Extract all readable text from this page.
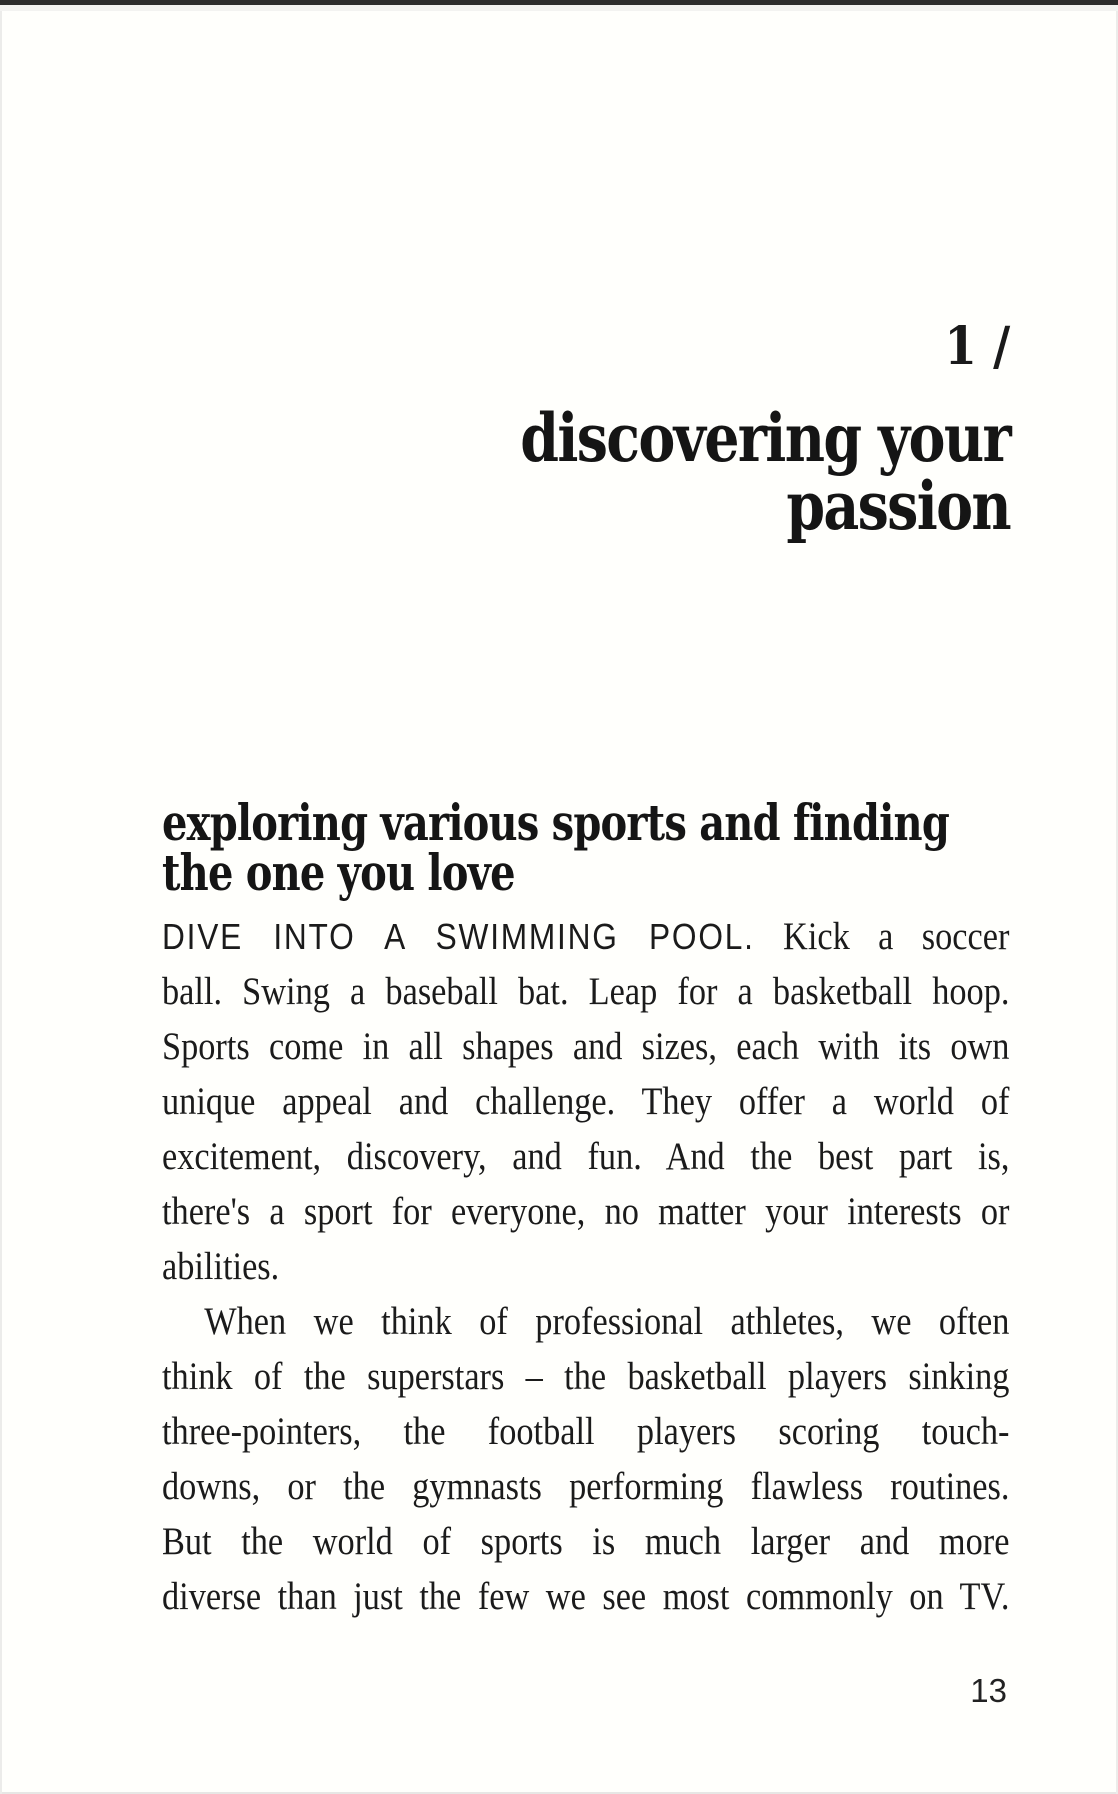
1 /
discovering your
passion
exploring various sports and finding
the one you love
DIVE INTO A SWIMMING POOL. Kick a soccer
ball. Swing a baseball bat. Leap for a basketball hoop.
Sports come in all shapes and sizes, each with its own
unique appeal and challenge. They offer a world of
excitement, discovery, and fun. And the best part is,
there's a sport for everyone, no matter your interests or
abilities.
When we think of professional athletes, we often
think of the superstars – the basketball players sinking
three-pointers, the football players scoring touch-
downs, or the gymnasts performing flawless routines.
But the world of sports is much larger and more
diverse than just the few we see most commonly on TV.
13
